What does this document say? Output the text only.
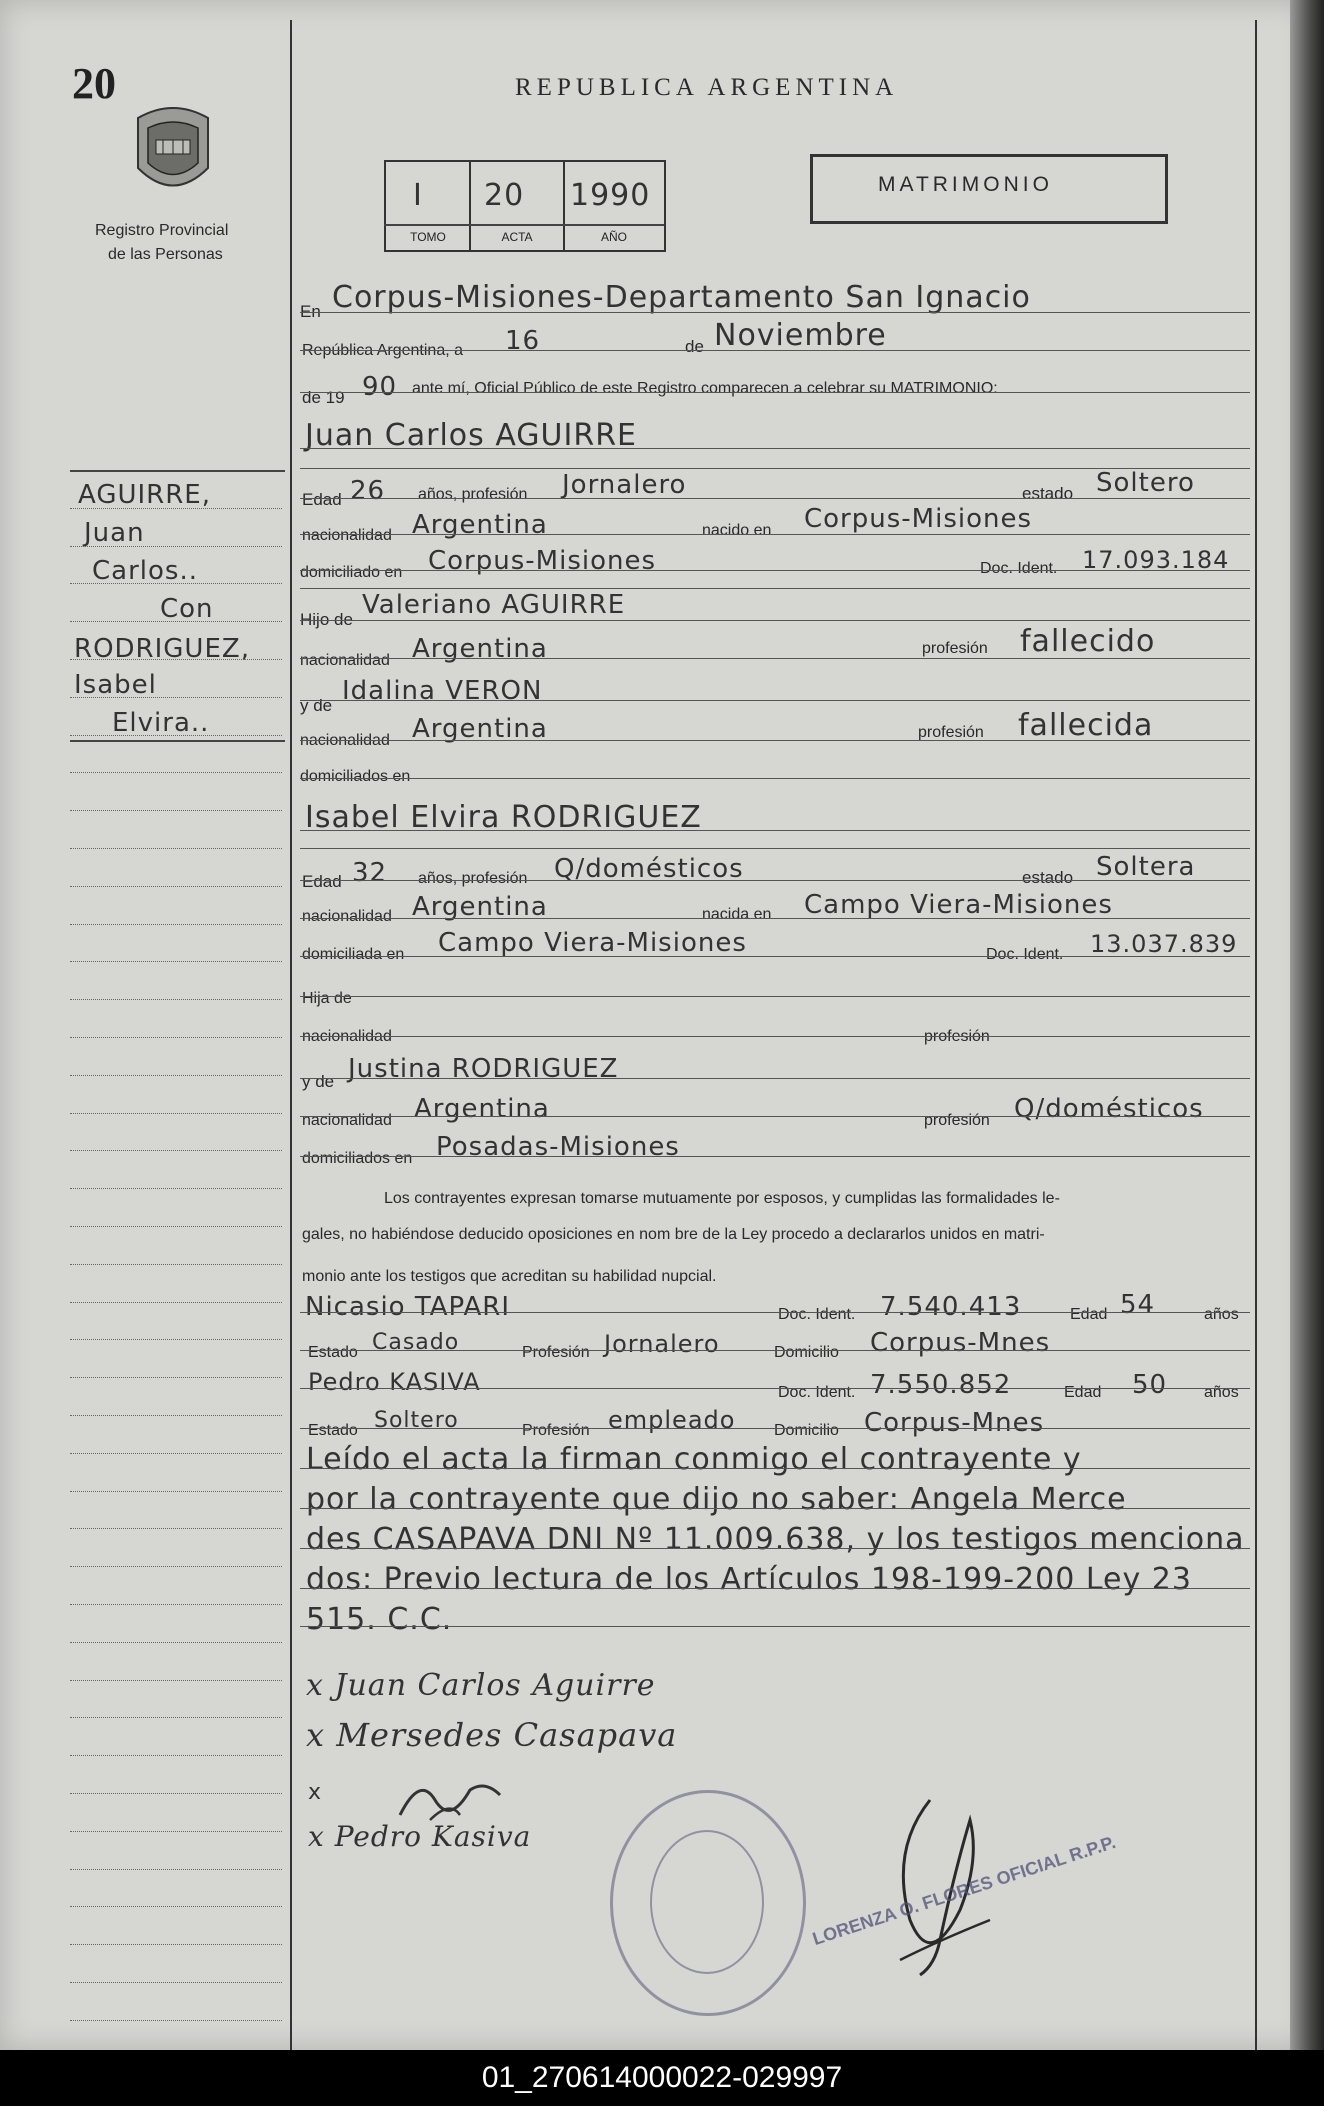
20
Registro Provincial
de las Personas
REPUBLICA ARGENTINA
I 20 1990
TOMO	ACTA	AÑO
MATRIMONIO
AGUIRRE,
Juan
Carlos..
Con
RODRIGUEZ,
Isabel
Elvira..
En Corpus-Misiones-Departamento San Ignacio
República Argentina, a 16	de Noviembre
de 19 90 ante mí, Oficial Público de este Registro comparecen a celebrar su MATRIMONIO:
Juan Carlos AGUIRRE
Edad 26 años, profesión Jornalero	estado Soltero
nacionalidad Argentina	nacido en Corpus-Misiones
domiciliado en Corpus-Misiones	Doc. Ident. 17.093.184
Hijo de Valeriano AGUIRRE
nacionalidad Argentina	profesión fallecido
y de Idalina VERON
nacionalidad Argentina	profesión fallecida
domiciliados en
Isabel Elvira RODRIGUEZ
Edad 32 años, profesión Q/domésticos	estado Soltera
nacionalidad Argentina	nacida en Campo Viera-Misiones
domiciliada en Campo Viera-Misiones	Doc. Ident. 13.037.839
Hija de
nacionalidad	profesión
y de Justina RODRIGUEZ
nacionalidad Argentina	profesión Q/domésticos
domiciliados en Posadas-Misiones
Los contrayentes expresan tomarse mutuamente por esposos, y cumplidas las formalidades le-
gales, no habiéndose deducido oposiciones en nom bre de la Ley procedo a declararlos unidos en matri-
monio ante los testigos que acreditan su habilidad nupcial.
Nicasio TAPARI	Doc. Ident. 7.540.413	Edad 54	años
Estado Casado	Profesión Jornalero	Domicilio Corpus-Mnes
Pedro KASIVA	Doc. Ident. 7.550.852	Edad 50 años
Estado Soltero	Profesión empleado Domicilio Corpus-Mnes
Leído el acta la firman conmigo el contrayente y
por la contrayente que dijo no saber: Angela Merce
des CASAPAVA DNI Nº 11.009.638, y los testigos menciona
dos: Previo lectura de los Artículos 198-199-200 Ley 23
515. C.C.
x Juan Carlos Aguirre
x Mersedes Casapava
x
x Pedro Kasiva	LORENZA O. FLORES OFICIAL R.P.P.
01_270614000022-029997
